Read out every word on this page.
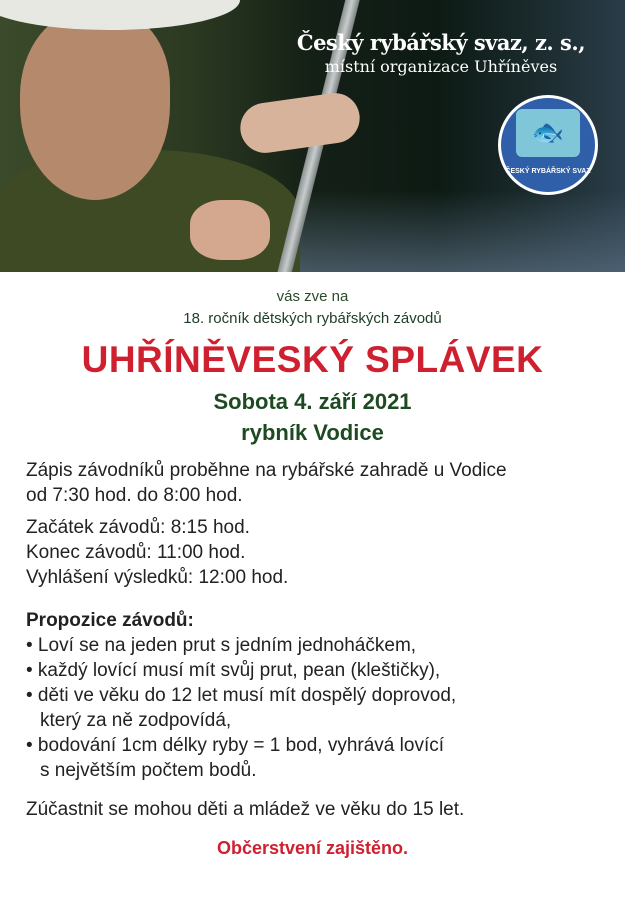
Český rybářský svaz, z. s.,
místní organizace Uhříněves
🐟
ČESKÝ RYBÁŘSKÝ SVAZ
vás zve na
18. ročník dětských rybářských závodů
UHŘÍNĚVESKÝ SPLÁVEK
Sobota 4. září 2021
rybník Vodice

Zápis závodníků proběhne na rybářské zahradě u Vodice

od 7:30 hod. do 8:00 hod.

Začátek závodů: 8:15 hod.

Konec závodů: 11:00 hod.

Vyhlášení výsledků: 12:00 hod.

Propozice závodů:

• Loví se na jeden prut s jedním jednoháčkem,

• každý lovící musí mít svůj prut, pean (kleštičky),

• děti ve věku do 12 let musí mít dospělý doprovod,

který za ně zodpovídá,

• bodování 1cm délky ryby = 1 bod, vyhrává lovící

s největším počtem bodů.

Zúčastnit se mohou děti a mládež ve věku do 15 let.

Občerstvení zajištěno.
